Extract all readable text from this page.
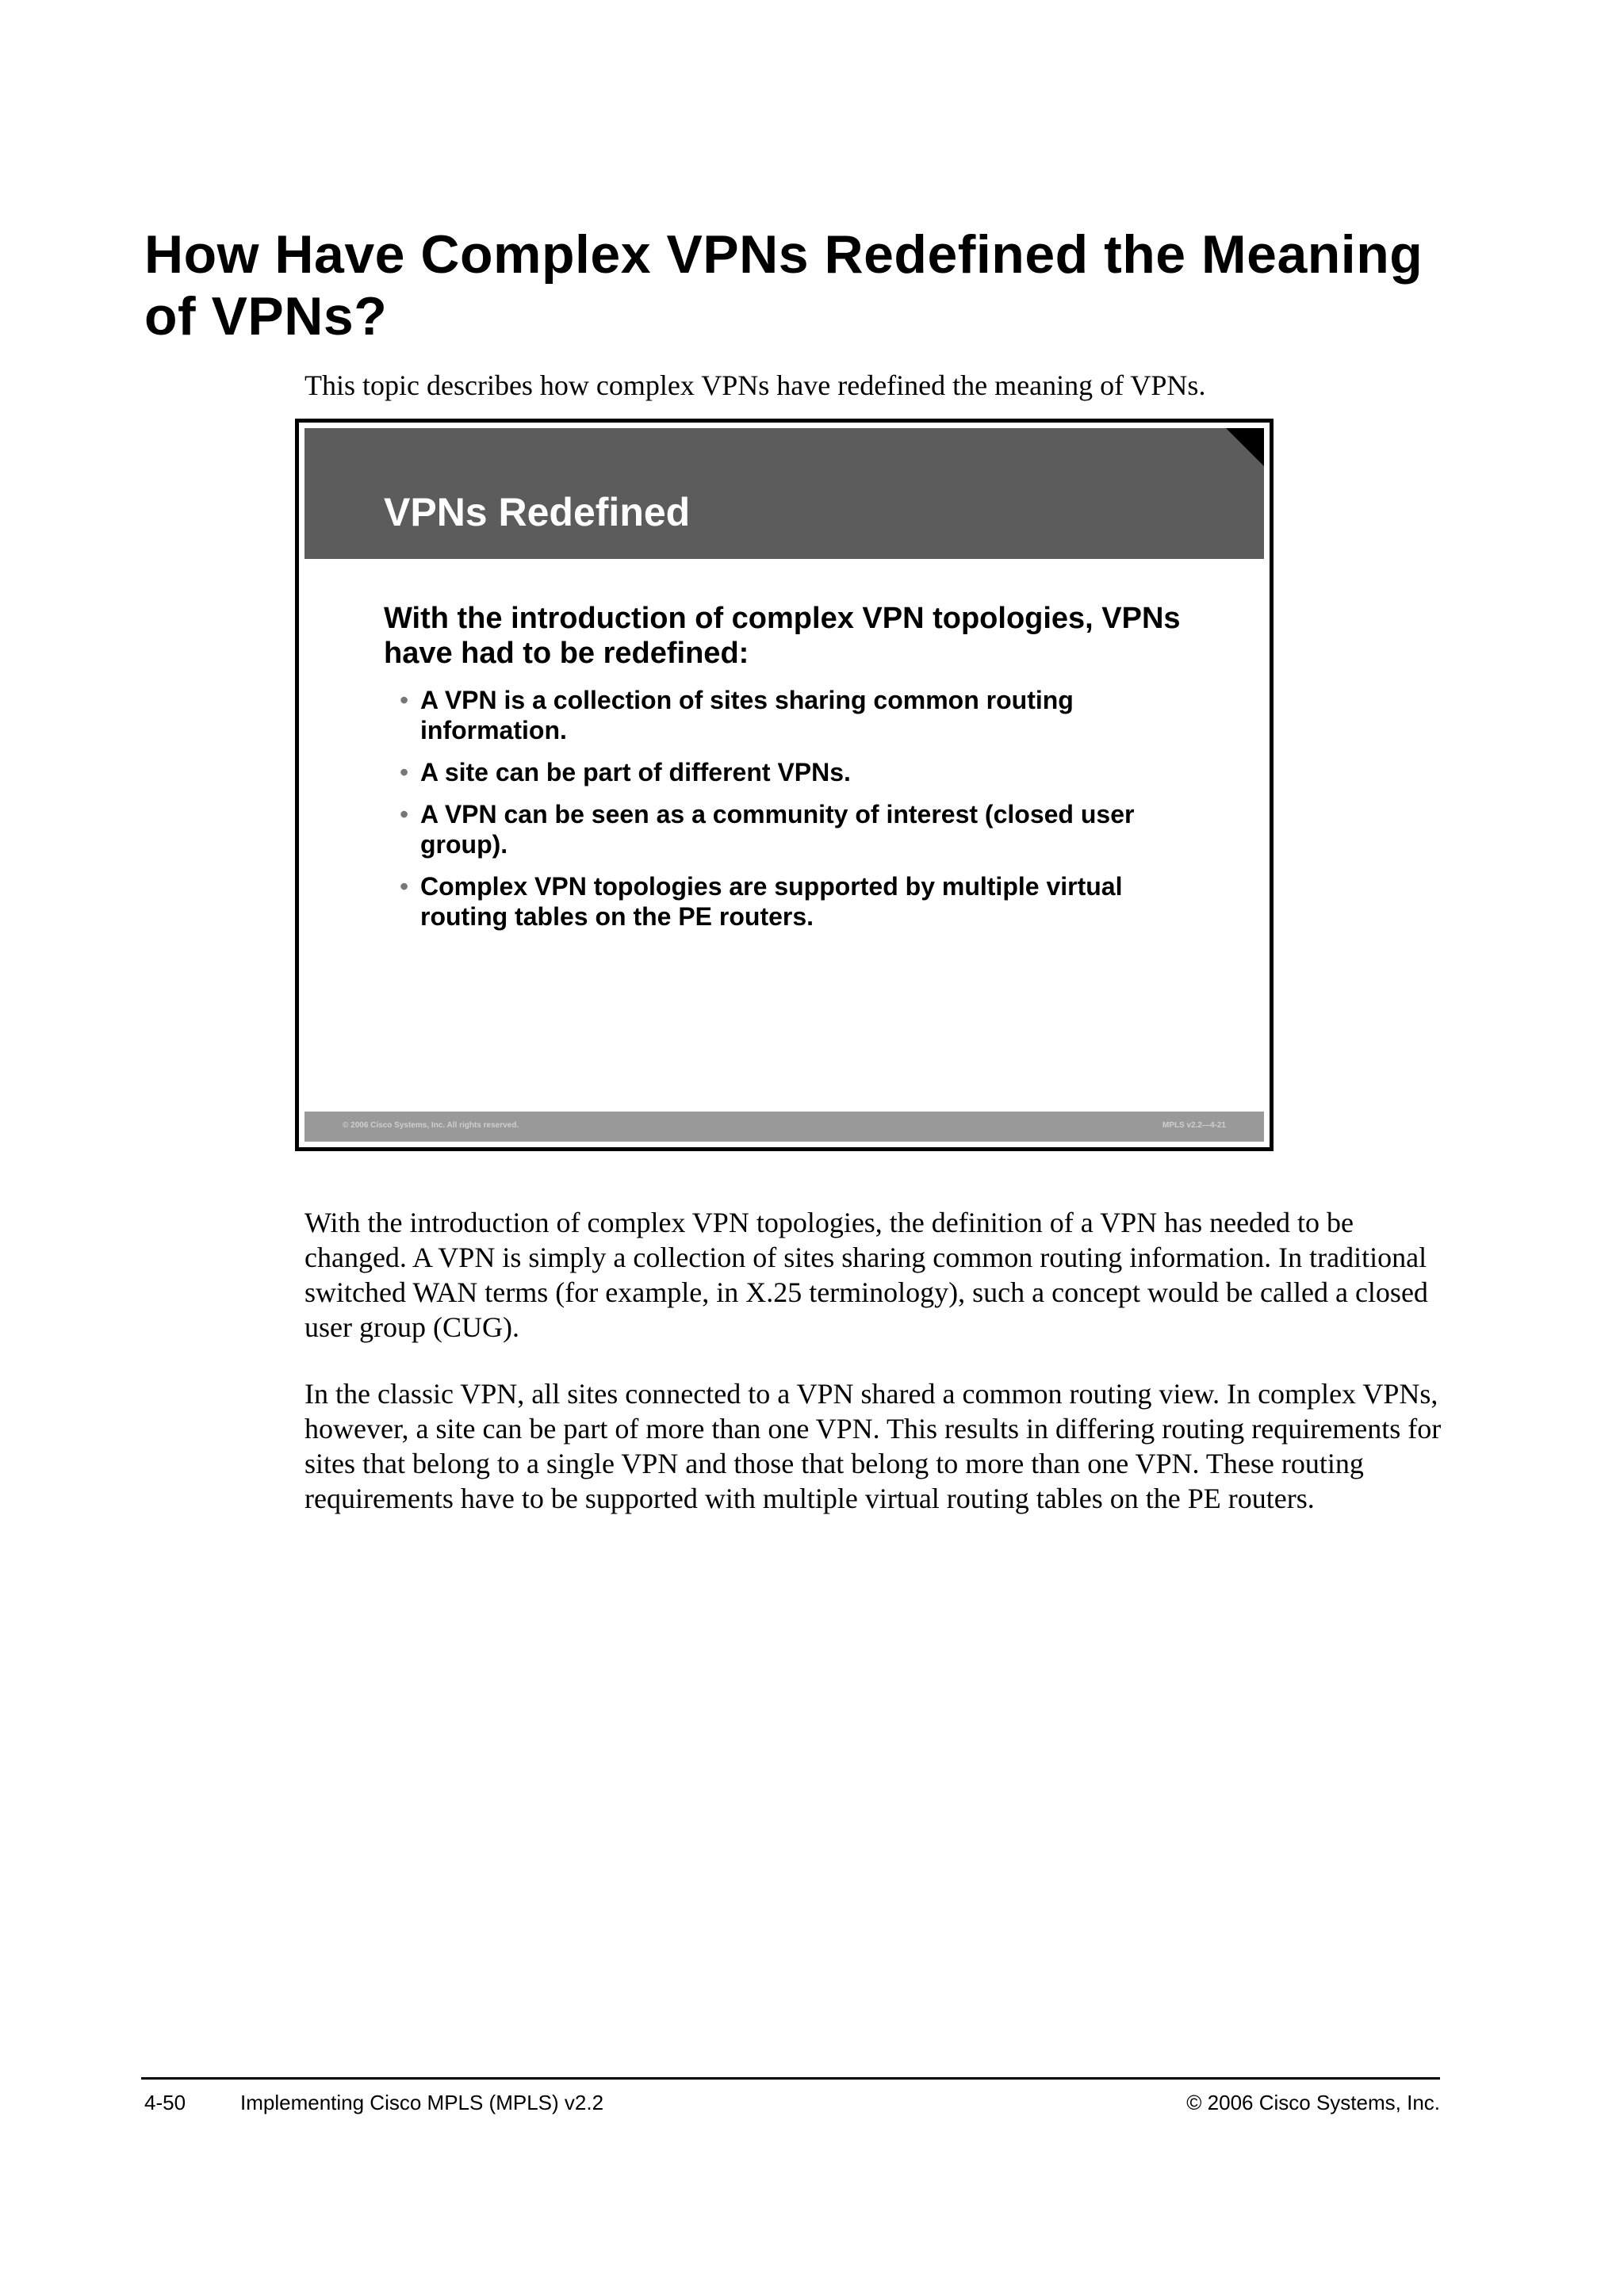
How Have Complex VPNs Redefined the Meaning of VPNs?

This topic describes how complex VPNs have redefined the meaning of VPNs.

VPNs Redefined

With the introduction of complex VPN topologies, VPNs have had to be redefined:

• A VPN is a collection of sites sharing common routing information.
• A site can be part of different VPNs.
• A VPN can be seen as a community of interest (closed user group).
• Complex VPN topologies are supported by multiple virtual routing tables on the PE routers.
© 2006 Cisco Systems, Inc. All rights reserved.	MPLS v2.2—4-21

With the introduction of complex VPN topologies, the definition of a VPN has needed to be changed. A VPN is simply a collection of sites sharing common routing information. In traditional switched WAN terms (for example, in X.25 terminology), such a concept would be called a closed user group (CUG).

In the classic VPN, all sites connected to a VPN shared a common routing view. In complex VPNs, however, a site can be part of more than one VPN. This results in differing routing requirements for sites that belong to a single VPN and those that belong to more than one VPN. These routing requirements have to be supported with multiple virtual routing tables on the PE routers.

4-50	Implementing Cisco MPLS (MPLS) v2.2	© 2006 Cisco Systems, Inc.
